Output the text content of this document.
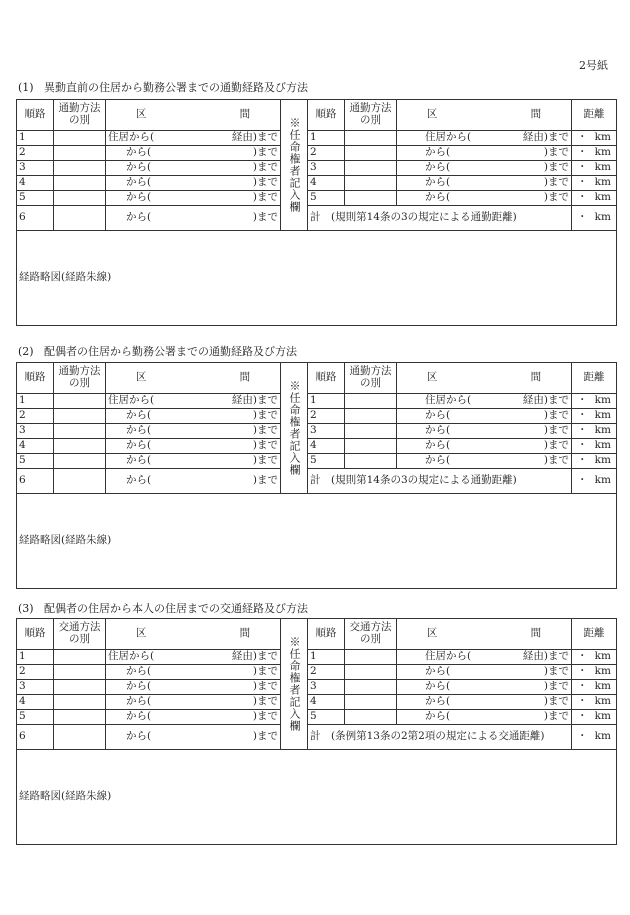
2号紙
(1) 異動直前の住居から勤務公署までの通勤経路及び方法
順路	通勤方法の別	区 間	※任命権者記入欄	順路	通勤方法の別	区 間	距離
1		住居から( 経由)まで		1		住居から( 経由)まで	・ km

2		から( )まで		2		から( )まで	・ km

3		から( )まで		3		から( )まで	・ km

4		から( )まで		4		から( )まで	・ km

5		から( )まで		5		から( )まで	・ km

6		から( )まで		計　(規則第14条の3の規定による通勤距離)			・ km

経路略図(経路朱線)							
(2) 配偶者の住居から勤務公署までの通勤経路及び方法
順路	通勤方法の別	区 間	※任命権者記入欄	順路	通勤方法の別	区 間	距離
1		住居から( 経由)まで		1		住居から( 経由)まで	・ km

2		から( )まで		2		から( )まで	・ km

3		から( )まで		3		から( )まで	・ km

4		から( )まで		4		から( )まで	・ km

5		から( )まで		5		から( )まで	・ km

6		から( )まで		計　(規則第14条の3の規定による通勤距離)			・ km

経路略図(経路朱線)							
(3) 配偶者の住居から本人の住居までの交通経路及び方法
順路	交通方法の別	区 間	※任命権者記入欄	順路	交通方法の別	区 間	距離
1		住居から( 経由)まで		1		住居から( 経由)まで	・ km

2		から( )まで		2		から( )まで	・ km

3		から( )まで		3		から( )まで	・ km

4		から( )まで		4		から( )まで	・ km

5		から( )まで		5		から( )まで	・ km

6		から( )まで		計　(条例第13条の2第2項の規定による交通距離)			・ km

経路略図(経路朱線)							
